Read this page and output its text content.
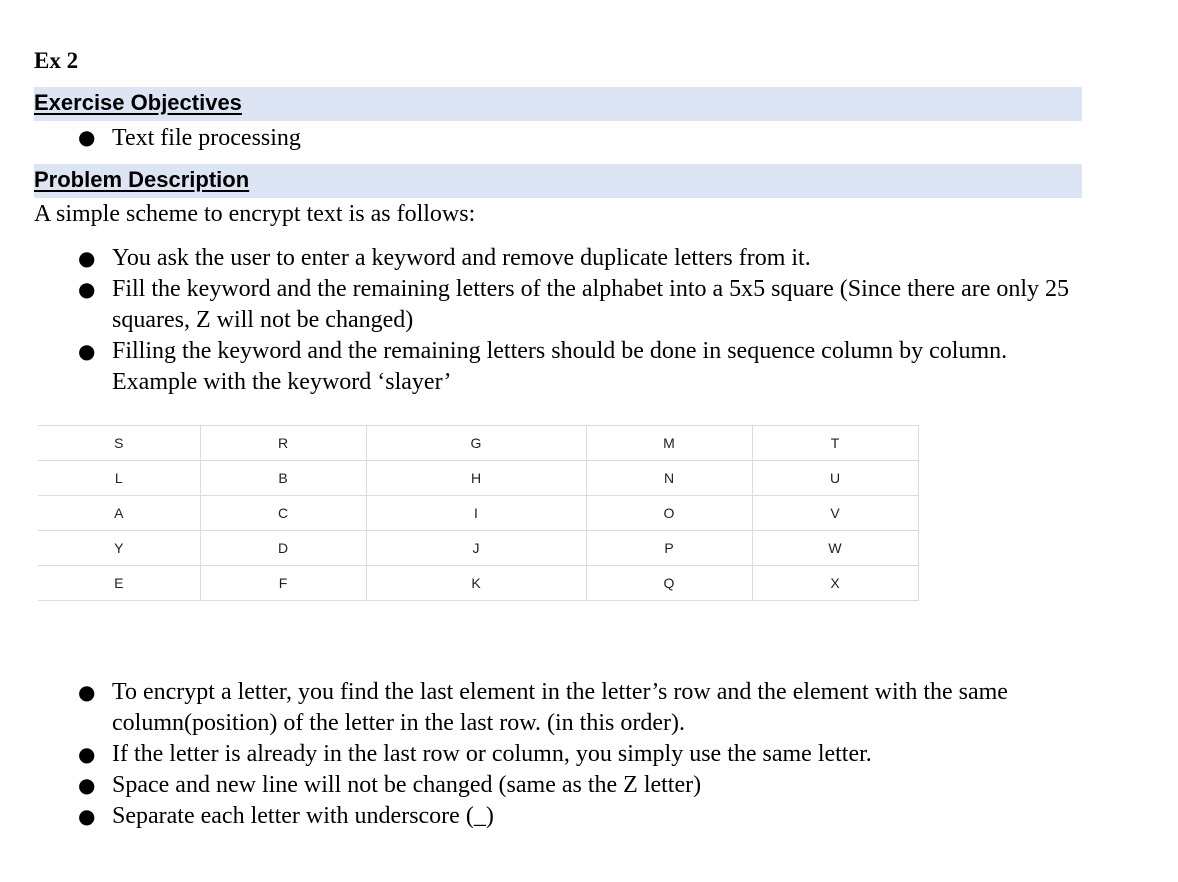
Ex 2
Exercise Objectives
● Text file processing
Problem Description
A simple scheme to encrypt text is as follows:
● You ask the user to enter a keyword and remove duplicate letters from it.
● Fill the keyword and the remaining letters of the alphabet into a 5x5 square (Since there are only 25 squares, Z will not be changed)
● Filling the keyword and the remaining letters should be done in sequence column by column. Example with the keyword ‘slayer’
S	R	G	M	T
L	B	H	N	U
A	C	I	O	V
Y	D	J	P	W
E	F	K	Q	X
● To encrypt a letter, you find the last element in the letter’s row and the element with the same column(position) of the letter in the last row. (in this order).
● If the letter is already in the last row or column, you simply use the same letter.
● Space and new line will not be changed (same as the Z letter)
● Separate each letter with underscore (_)
